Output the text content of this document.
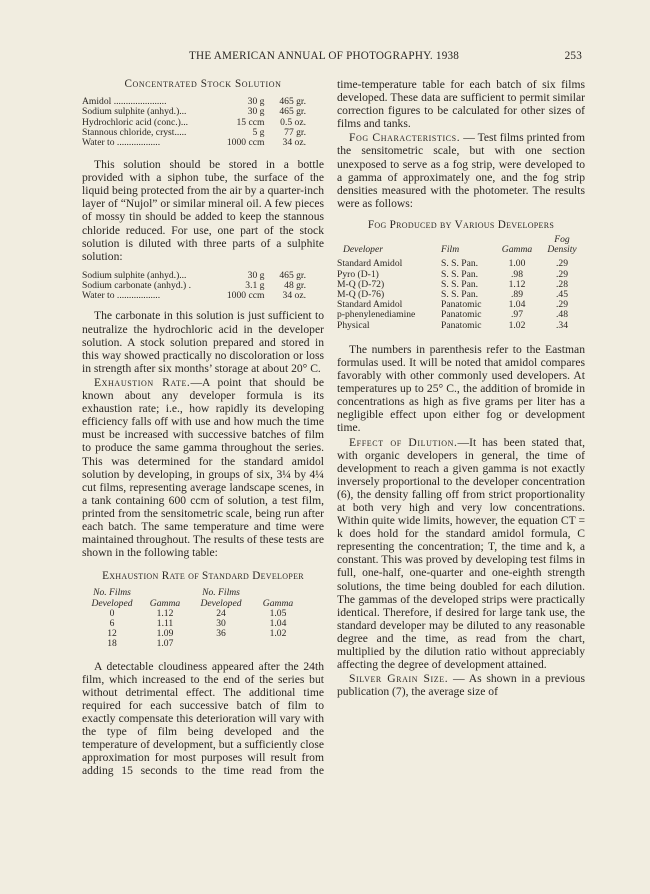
THE AMERICAN ANNUAL OF PHOTOGRAPHY. 1938	253
Concentrated Stock Solution
Amidol ......................	30 g	465 gr.
Sodium sulphite (anhyd.)...	30 g	465 gr.
Hydrochloric acid (conc.)...	15 ccm	0.5 oz.
Stannous chloride, cryst.....	5 g	77 gr.
Water to ..................	1000 ccm	34 oz.

This solution should be stored in a bottle provided with a siphon tube, the surface of the liquid being protected from the air by a quarter-inch layer of “Nujol” or similar mineral oil. A few pieces of mossy tin should be added to keep the stannous chloride reduced. For use, one part of the stock solution is diluted with three parts of a sulphite solution:

Sodium sulphite (anhyd.)...	30 g	465 gr.
Sodium carbonate (anhyd.) .	3.1 g	48 gr.
Water to ..................	1000 ccm	34 oz.

The carbonate in this solution is just sufficient to neutralize the hydrochloric acid in the developer solution. A stock solution prepared and stored in this way showed practically no discoloration or loss in strength after six months’ storage at about 20° C.

Exhaustion Rate.—A point that should be known about any developer formula is its exhaustion rate; i.e., how rapidly its developing efficiency falls off with use and how much the time must be increased with successive batches of film to produce the same gamma throughout the series. This was determined for the standard amidol solution by developing, in groups of six, 3¼ by 4¼ cut films, representing average landscape scenes, in a tank containing 600 ccm of solution, a test film, printed from the sensitometric scale, being run after each batch. The same temperature and time were maintained throughout. The results of these tests are shown in the following table:

Exhaustion Rate of Standard Developer
No. Films		No. Films	
Developed	Gamma	Developed	Gamma
0	1.12	24	1.05
6	1.11	30	1.04
12	1.09	36	1.02
18	1.07		

A detectable cloudiness appeared after the 24th film, which increased to the end of the series but without detrimental effect. The additional time required for each successive batch of film to exactly compensate this deterioration will vary with the type of film being developed and the temperature of development, but a sufficiently close approximation for most purposes will result from adding 15 seconds to the time read from the

time-temperature table for each batch of six films developed. These data are sufficient to permit similar correction figures to be calculated for other sizes of films and tanks.

Fog Characteristics. — Test films printed from the sensitometric scale, but with one section unexposed to serve as a fog strip, were developed to a gamma of approximately one, and the fog strip densities measured with the photometer. The results were as follows:

Fog Produced by Various Developers
			Fog
Developer	Film	Gamma	Density

Standard Amidol	S. S. Pan.	1.00	.29
Pyro (D-1)	S. S. Pan.	.98	.29
M-Q (D-72)	S. S. Pan.	1.12	.28
M-Q (D-76)	S. S. Pan.	.89	.45
Standard Amidol	Panatomic	1.04	.29
p-phenylenediamine	Panatomic	.97	.48
Physical	Panatomic	1.02	.34

The numbers in parenthesis refer to the Eastman formulas used. It will be noted that amidol compares favorably with other commonly used developers. At temperatures up to 25° C., the addition of bromide in concentrations as high as five grams per liter has a negligible effect upon either fog or development time.

Effect of Dilution.—It has been stated that, with organic developers in general, the time of development to reach a given gamma is not exactly inversely proportional to the developer concentration (6), the density falling off from strict proportionality at both very high and very low concentrations. Within quite wide limits, however, the equation CT = k does hold for the standard amidol formula, C representing the concentration; T, the time and k, a constant. This was proved by developing test films in full, one-half, one-quarter and one-eighth strength solutions, the time being doubled for each dilution. The gammas of the developed strips were practically identical. Therefore, if desired for large tank use, the standard developer may be diluted to any reasonable degree and the time, as read from the chart, multiplied by the dilution ratio without appreciably affecting the degree of development attained.

Silver Grain Size. — As shown in a previous publication (7), the average size of
